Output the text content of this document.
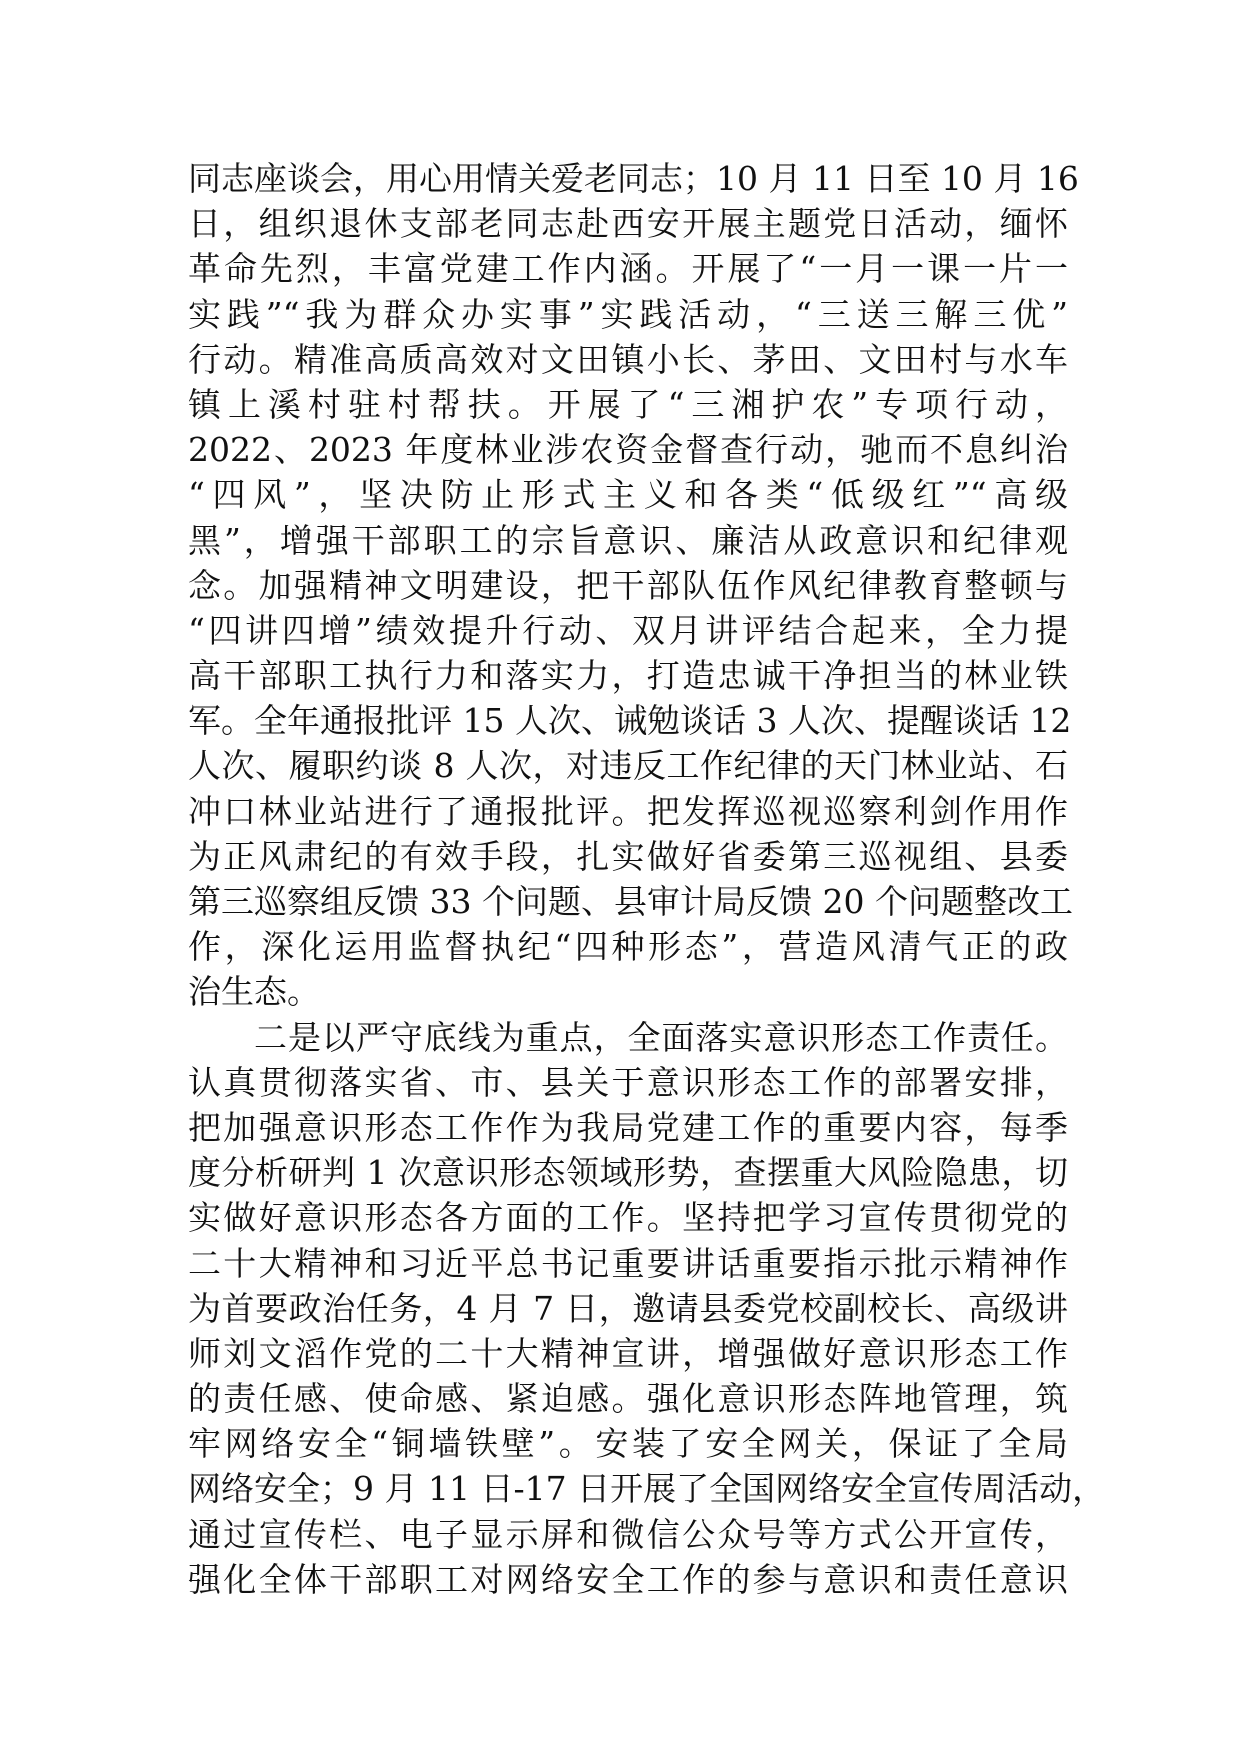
同志座谈会，用心用情关爱老同志；10 月 11 日至 10 月 16
日，组织退休支部老同志赴西安开展主题党日活动，缅怀
革命先烈，丰富党建工作内涵。开展了“一月一课一片一
实践”“我为群众办实事”实践活动，“三送三解三优”
行动。精准高质高效对文田镇小长、茅田、文田村与水车
镇上溪村驻村帮扶。开展了“三湘护农”专项行动，
2022、2023 年度林业涉农资金督查行动，驰而不息纠治
“四风”，坚决防止形式主义和各类“低级红”“高级
黑”，增强干部职工的宗旨意识、廉洁从政意识和纪律观
念。加强精神文明建设，把干部队伍作风纪律教育整顿与
“四讲四增”绩效提升行动、双月讲评结合起来，全力提
高干部职工执行力和落实力，打造忠诚干净担当的林业铁
军。全年通报批评 15 人次、诫勉谈话 3 人次、提醒谈话 12
人次、履职约谈 8 人次，对违反工作纪律的天门林业站、石
冲口林业站进行了通报批评。把发挥巡视巡察利剑作用作
为正风肃纪的有效手段，扎实做好省委第三巡视组、县委
第三巡察组反馈 33 个问题、县审计局反馈 20 个问题整改工
作，深化运用监督执纪“四种形态”，营造风清气正的政
治生态。
二是以严守底线为重点，全面落实意识形态工作责任。
认真贯彻落实省、市、县关于意识形态工作的部署安排，
把加强意识形态工作作为我局党建工作的重要内容，每季
度分析研判 1 次意识形态领域形势，查摆重大风险隐患，切
实做好意识形态各方面的工作。坚持把学习宣传贯彻党的
二十大精神和习近平总书记重要讲话重要指示批示精神作
为首要政治任务，4 月 7 日，邀请县委党校副校长、高级讲
师刘文滔作党的二十大精神宣讲，增强做好意识形态工作
的责任感、使命感、紧迫感。强化意识形态阵地管理，筑
牢网络安全“铜墙铁壁”。安装了安全网关，保证了全局
网络安全；9 月 11 日-17 日开展了全国网络安全宣传周活动，
通过宣传栏、电子显示屏和微信公众号等方式公开宣传，
强化全体干部职工对网络安全工作的参与意识和责任意识
